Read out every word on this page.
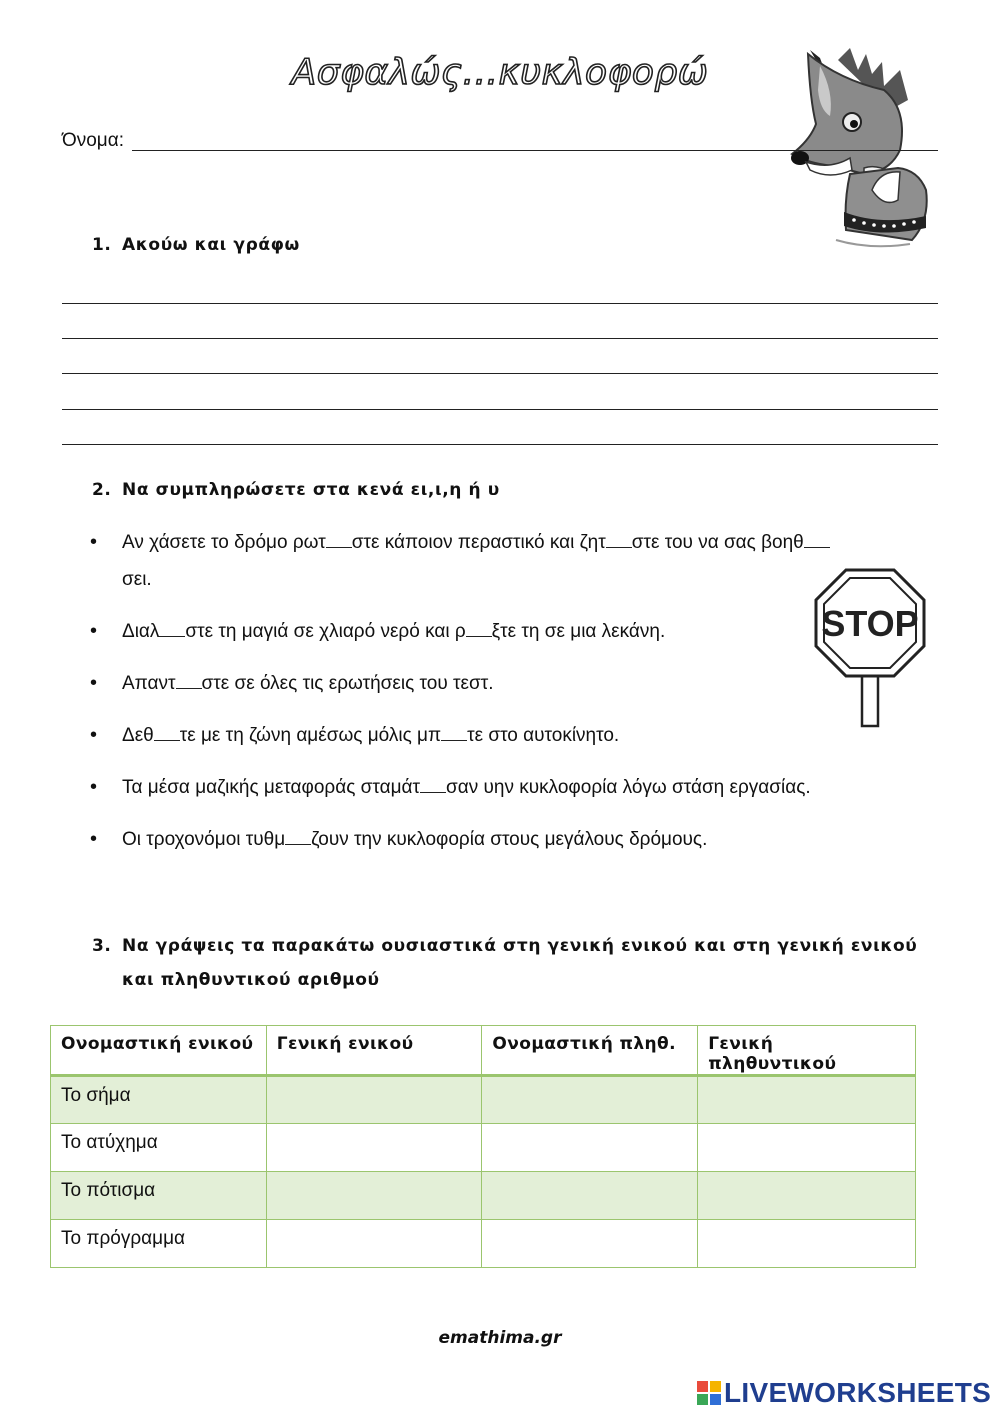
Ασφαλώς...κυκλοφορώ
Όνομα:
1. Ακούω και γράφω
2. Να συμπληρώσετε στα κενά ει,ι,η ή υ
• Αν χάσετε το δρόμο ρωτ στε κάποιον περαστικό και ζητ στε του να σας βοηθσει.
• Διαλ στε τη μαγιά σε χλιαρό νερό και ρ ξτε τη σε μια λεκάνη.
• Απαντ στε σε όλες τις ερωτήσεις του τεστ.
• Δεθ τε με τη ζώνη αμέσως μόλις μπ τε στο αυτοκίνητο.
• Τα μέσα μαζικής μεταφοράς σταμάτ σαν υην κυκλοφορία λόγω στάση εργασίας.
• Οι τροχονόμοι τυθμ ζουν την κυκλοφορία στους μεγάλους δρόμους.
STOP
3. Να γράψεις τα παρακάτω ουσιαστικά στη γενική ενικού και στη γενική ενικού
και πληθυντικού αριθμού
Ονομαστική ενικού	Γενική ενικού	Ονομαστική πληθ.	Γενική πληθυντικού
Το σήμα			
Το ατύχημα			
Το πότισμα			
Το πρόγραμμα			
emathima.gr
LIVEWORKSHEETS
